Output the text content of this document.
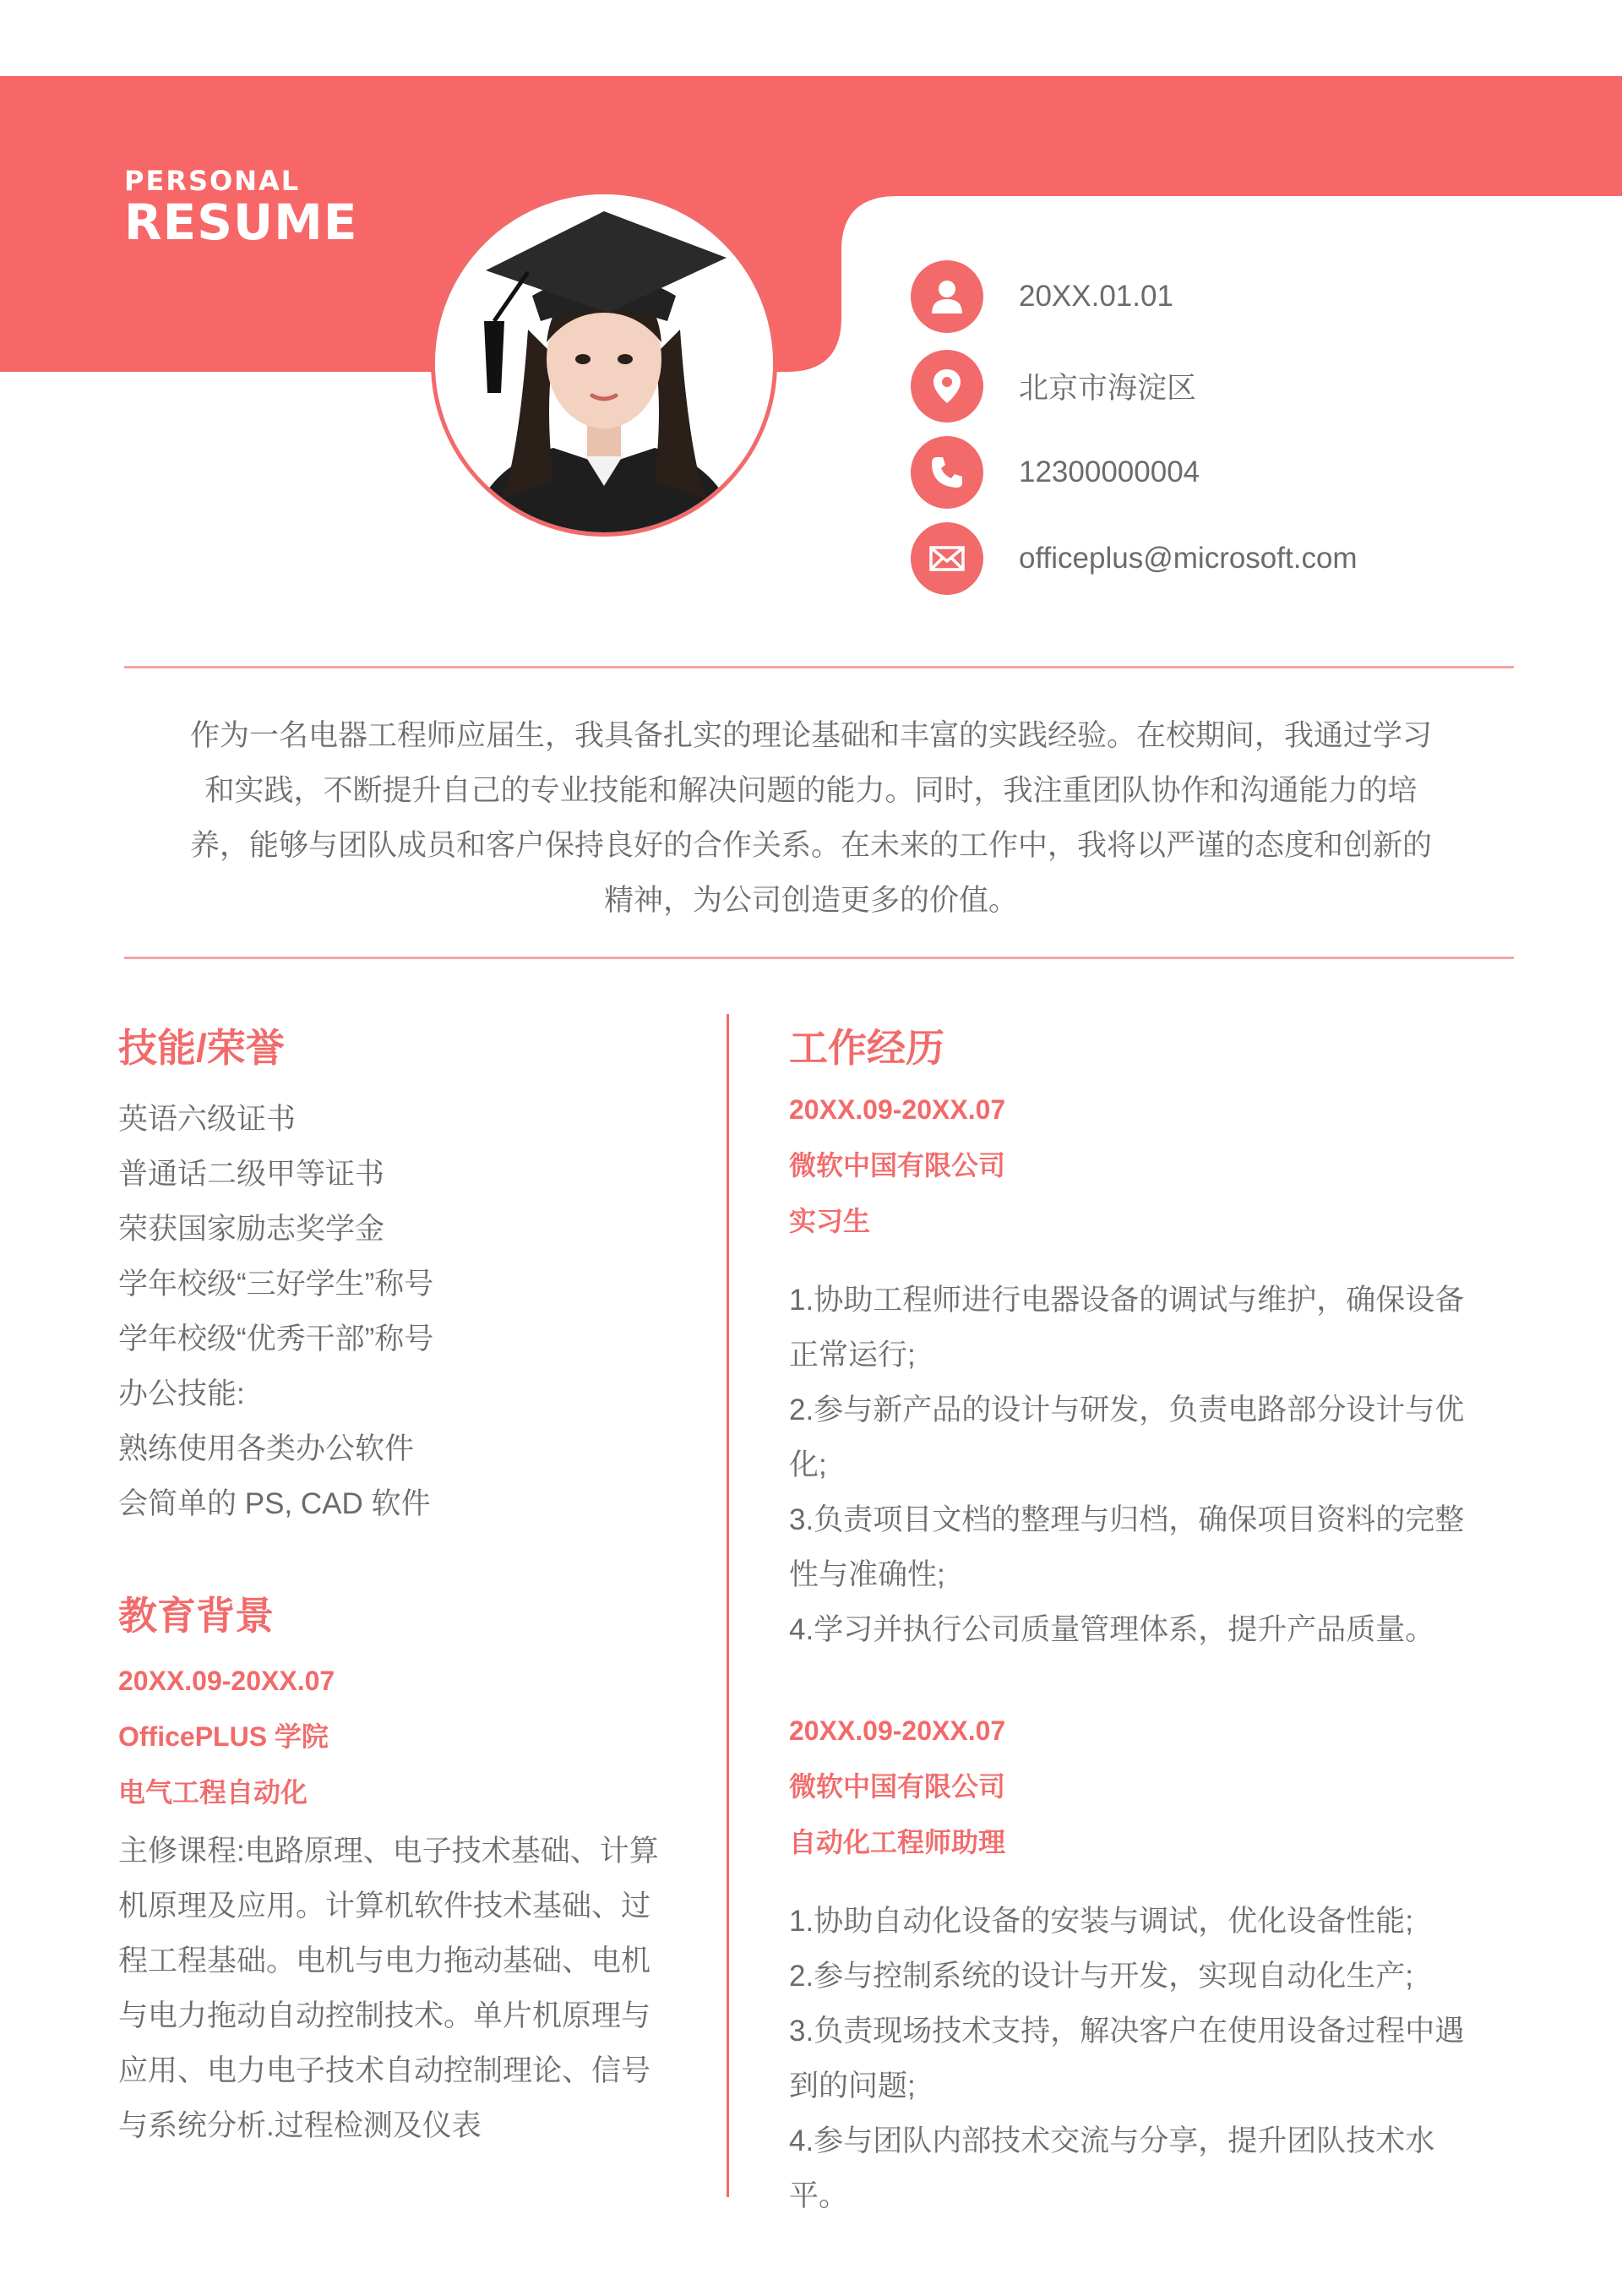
PERSONAL
RESUME
20XX.01.01
北京市海淀区
12300000004
officeplus@microsoft.com
作为一名电器工程师应届生，我具备扎实的理论基础和丰富的实践经验。在校期间，我通过学习
和实践，不断提升自己的专业技能和解决问题的能力。同时，我注重团队协作和沟通能力的培
养，能够与团队成员和客户保持良好的合作关系。在未来的工作中，我将以严谨的态度和创新的
精神，为公司创造更多的价值。
技能/荣誉
英语六级证书
普通话二级甲等证书
荣获国家励志奖学金
学年校级“三好学生”称号
学年校级“优秀干部”称号
办公技能:
熟练使用各类办公软件
会简单的 PS, CAD 软件
教育背景
20XX.09-20XX.07
OfficePLUS 学院
电气工程自动化
主修课程:电路原理、电子技术基础、计算
机原理及应用。计算机软件技术基础、过
程工程基础。电机与电力拖动基础、电机
与电力拖动自动控制技术。单片机原理与
应用、电力电子技术自动控制理论、信号
与系统分析.过程检测及仪表
工作经历
20XX.09-20XX.07
微软中国有限公司
实习生
1.协助工程师进行电器设备的调试与维护，确保设备
正常运行;
2.参与新产品的设计与研发，负责电路部分设计与优
化;
3.负责项目文档的整理与归档，确保项目资料的完整
性与准确性;
4.学习并执行公司质量管理体系，提升产品质量。
20XX.09-20XX.07
微软中国有限公司
自动化工程师助理
1.协助自动化设备的安装与调试，优化设备性能;
2.参与控制系统的设计与开发，实现自动化生产;
3.负责现场技术支持，解决客户在使用设备过程中遇
到的问题;
4.参与团队内部技术交流与分享，提升团队技术水
平。
